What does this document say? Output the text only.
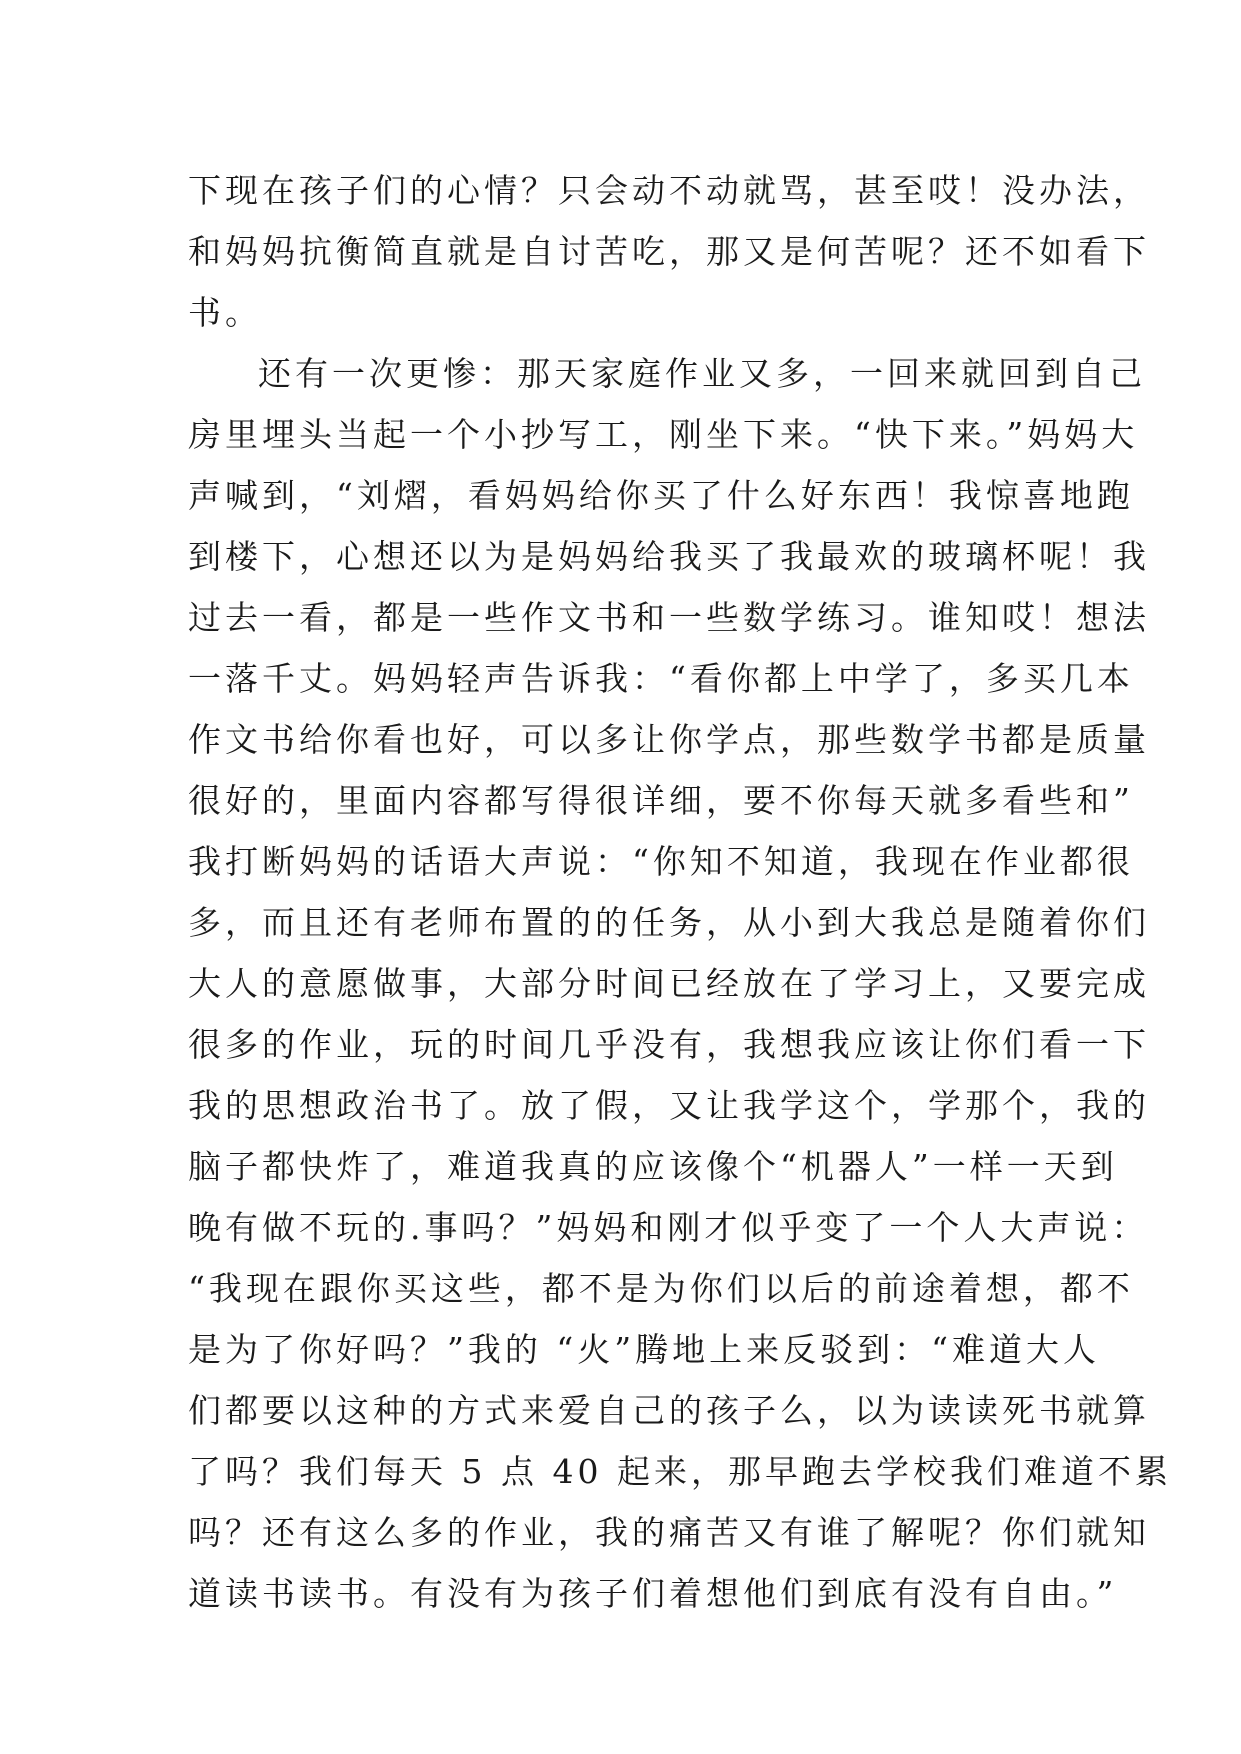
下现在孩子们的心情？只会动不动就骂，甚至哎！没办法，
和妈妈抗衡简直就是自讨苦吃，那又是何苦呢？还不如看下
书。
还有一次更惨：那天家庭作业又多，一回来就回到自己
房里埋头当起一个小抄写工，刚坐下来。“快下来。”妈妈大
声喊到，“刘熠，看妈妈给你买了什么好东西！我惊喜地跑
到楼下，心想还以为是妈妈给我买了我最欢的玻璃杯呢！我
过去一看，都是一些作文书和一些数学练习。谁知哎！想法
一落千丈。妈妈轻声告诉我：“看你都上中学了，多买几本
作文书给你看也好，可以多让你学点，那些数学书都是质量
很好的，里面内容都写得很详细，要不你每天就多看些和”
我打断妈妈的话语大声说：“你知不知道，我现在作业都很
多，而且还有老师布置的的任务，从小到大我总是随着你们
大人的意愿做事，大部分时间已经放在了学习上，又要完成
很多的作业，玩的时间几乎没有，我想我应该让你们看一下
我的思想政治书了。放了假，又让我学这个，学那个，我的
脑子都快炸了，难道我真的应该像个“机器人”一样一天到
晚有做不玩的.事吗？”妈妈和刚才似乎变了一个人大声说：
“我现在跟你买这些，都不是为你们以后的前途着想，都不
是为了你好吗？”我的 “火”腾地上来反驳到：“难道大人
们都要以这种的方式来爱自己的孩子么，以为读读死书就算
了吗？我们每天 5 点 40 起来，那早跑去学校我们难道不累
吗？还有这么多的作业，我的痛苦又有谁了解呢？你们就知
道读书读书。有没有为孩子们着想他们到底有没有自由。”
